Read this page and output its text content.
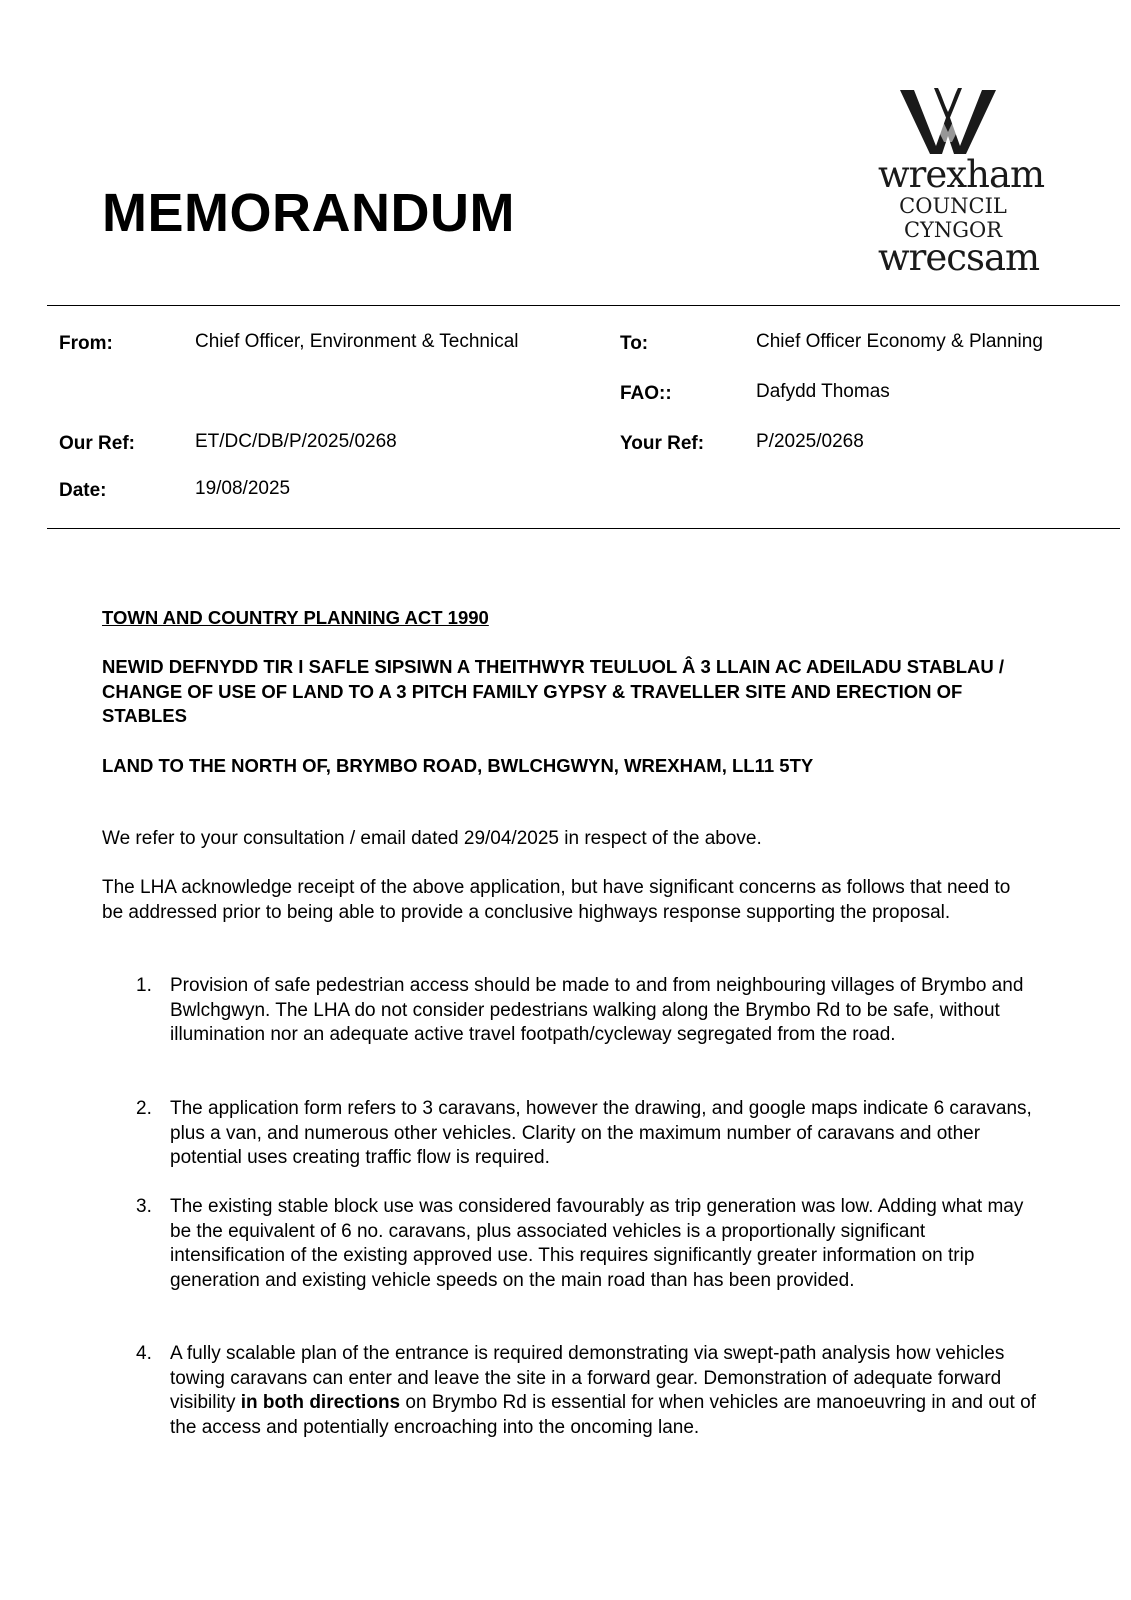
MEMORANDUM
wrexham
COUNCIL
CYNGOR
wrecsam
From:	Chief Officer, Environment & Technical	To:	Chief Officer Economy & Planning
FAO::	Dafydd Thomas
Our Ref:	ET/DC/DB/P/2025/0268	Your Ref:	P/2025/0268
Date:	19/08/2025

TOWN AND COUNTRY PLANNING ACT 1990

NEWID DEFNYDD TIR I SAFLE SIPSIWN A THEITHWYR TEULUOL Â 3 LLAIN AC ADEILADU STABLAU / CHANGE OF USE OF LAND TO A 3 PITCH FAMILY GYPSY & TRAVELLER SITE AND ERECTION OF STABLES

LAND TO THE NORTH OF, BRYMBO ROAD, BWLCHGWYN, WREXHAM, LL11 5TY

We refer to your consultation / email dated 29/04/2025 in respect of the above.

The LHA acknowledge receipt of the above application, but have significant concerns as follows that need to be addressed prior to being able to provide a conclusive highways response supporting the proposal.

1. Provision of safe pedestrian access should be made to and from neighbouring villages of Brymbo and Bwlchgwyn. The LHA do not consider pedestrians walking along the Brymbo Rd to be safe, without illumination nor an adequate active travel footpath/cycleway segregated from the road.
2. The application form refers to 3 caravans, however the drawing, and google maps indicate 6 caravans, plus a van, and numerous other vehicles. Clarity on the maximum number of caravans and other potential uses creating traffic flow is required.
3. The existing stable block use was considered favourably as trip generation was low. Adding what may be the equivalent of 6 no. caravans, plus associated vehicles is a proportionally significant intensification of the existing approved use. This requires significantly greater information on trip generation and existing vehicle speeds on the main road than has been provided.
4. A fully scalable plan of the entrance is required demonstrating via swept-path analysis how vehicles towing caravans can enter and leave the site in a forward gear. Demonstration of adequate forward visibility in both directions on Brymbo Rd is essential for when vehicles are manoeuvring in and out of the access and potentially encroaching into the oncoming lane.
